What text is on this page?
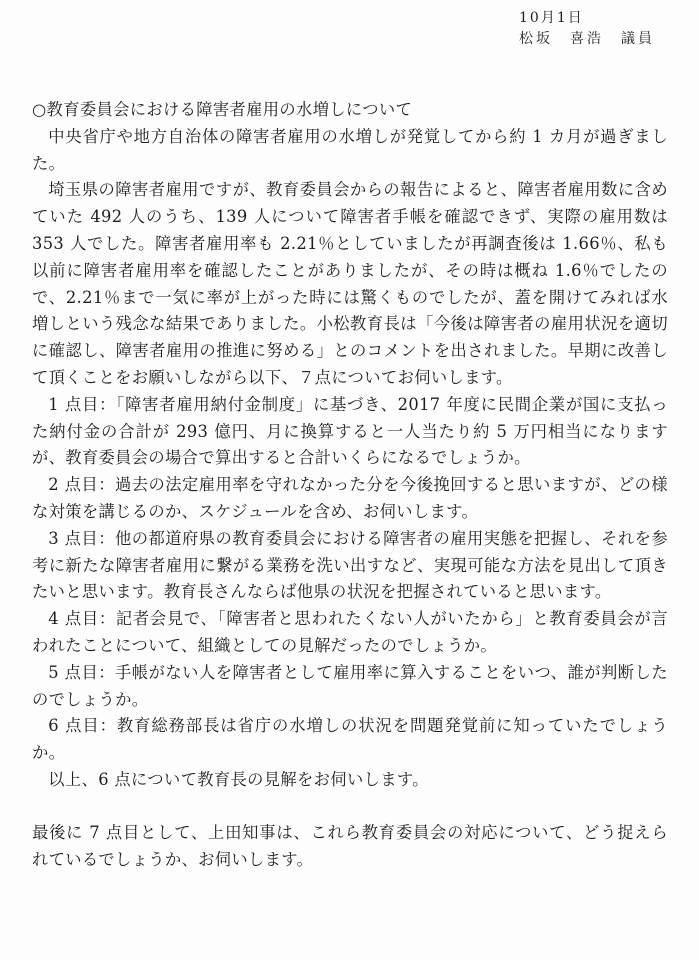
10月1日
松坂　喜浩　議員
○教育委員会における障害者雇用の水増しについて

中央省庁や地方自治体の障害者雇用の水増しが発覚してから約 1 カ月が過ぎました。

埼玉県の障害者雇用ですが、教育委員会からの報告によると、障害者雇用数に含めていた 492 人のうち、139 人について障害者手帳を確認できず、実際の雇用数は353 人でした。障害者雇用率も 2.21％としていましたが再調査後は 1.66％、私も以前に障害者雇用率を確認したことがありましたが、その時は概ね 1.6％でしたので、2.21％まで一気に率が上がった時には驚くものでしたが、蓋を開けてみれば水増しという残念な結果でありました。小松教育長は「今後は障害者の雇用状況を適切に確認し、障害者雇用の推進に努める」とのコメントを出されました。早期に改善して頂くことをお願いしながら以下、７点についてお伺いします。

1 点目：「障害者雇用納付金制度」に基づき、2017 年度に民間企業が国に支払った納付金の合計が 293 億円、月に換算すると一人当たり約 5 万円相当になりますが、教育委員会の場合で算出すると合計いくらになるでしょうか。

2 点目：過去の法定雇用率を守れなかった分を今後挽回すると思いますが、どの様な対策を講じるのか、スケジュールを含め、お伺いします。

3 点目：他の都道府県の教育委員会における障害者の雇用実態を把握し、それを参考に新たな障害者雇用に繋がる業務を洗い出すなど、実現可能な方法を見出して頂きたいと思います。教育長さんならば他県の状況を把握されていると思います。

4 点目：記者会見で、「障害者と思われたくない人がいたから」と教育委員会が言われたことについて、組織としての見解だったのでしょうか。

5 点目：手帳がない人を障害者として雇用率に算入することをいつ、誰が判断したのでしょうか。

6 点目：教育総務部長は省庁の水増しの状況を問題発覚前に知っていたでしょうか。

以上、6 点について教育長の見解をお伺いします。

最後に 7 点目として、上田知事は、これら教育委員会の対応について、どう捉えられているでしょうか、お伺いします。
